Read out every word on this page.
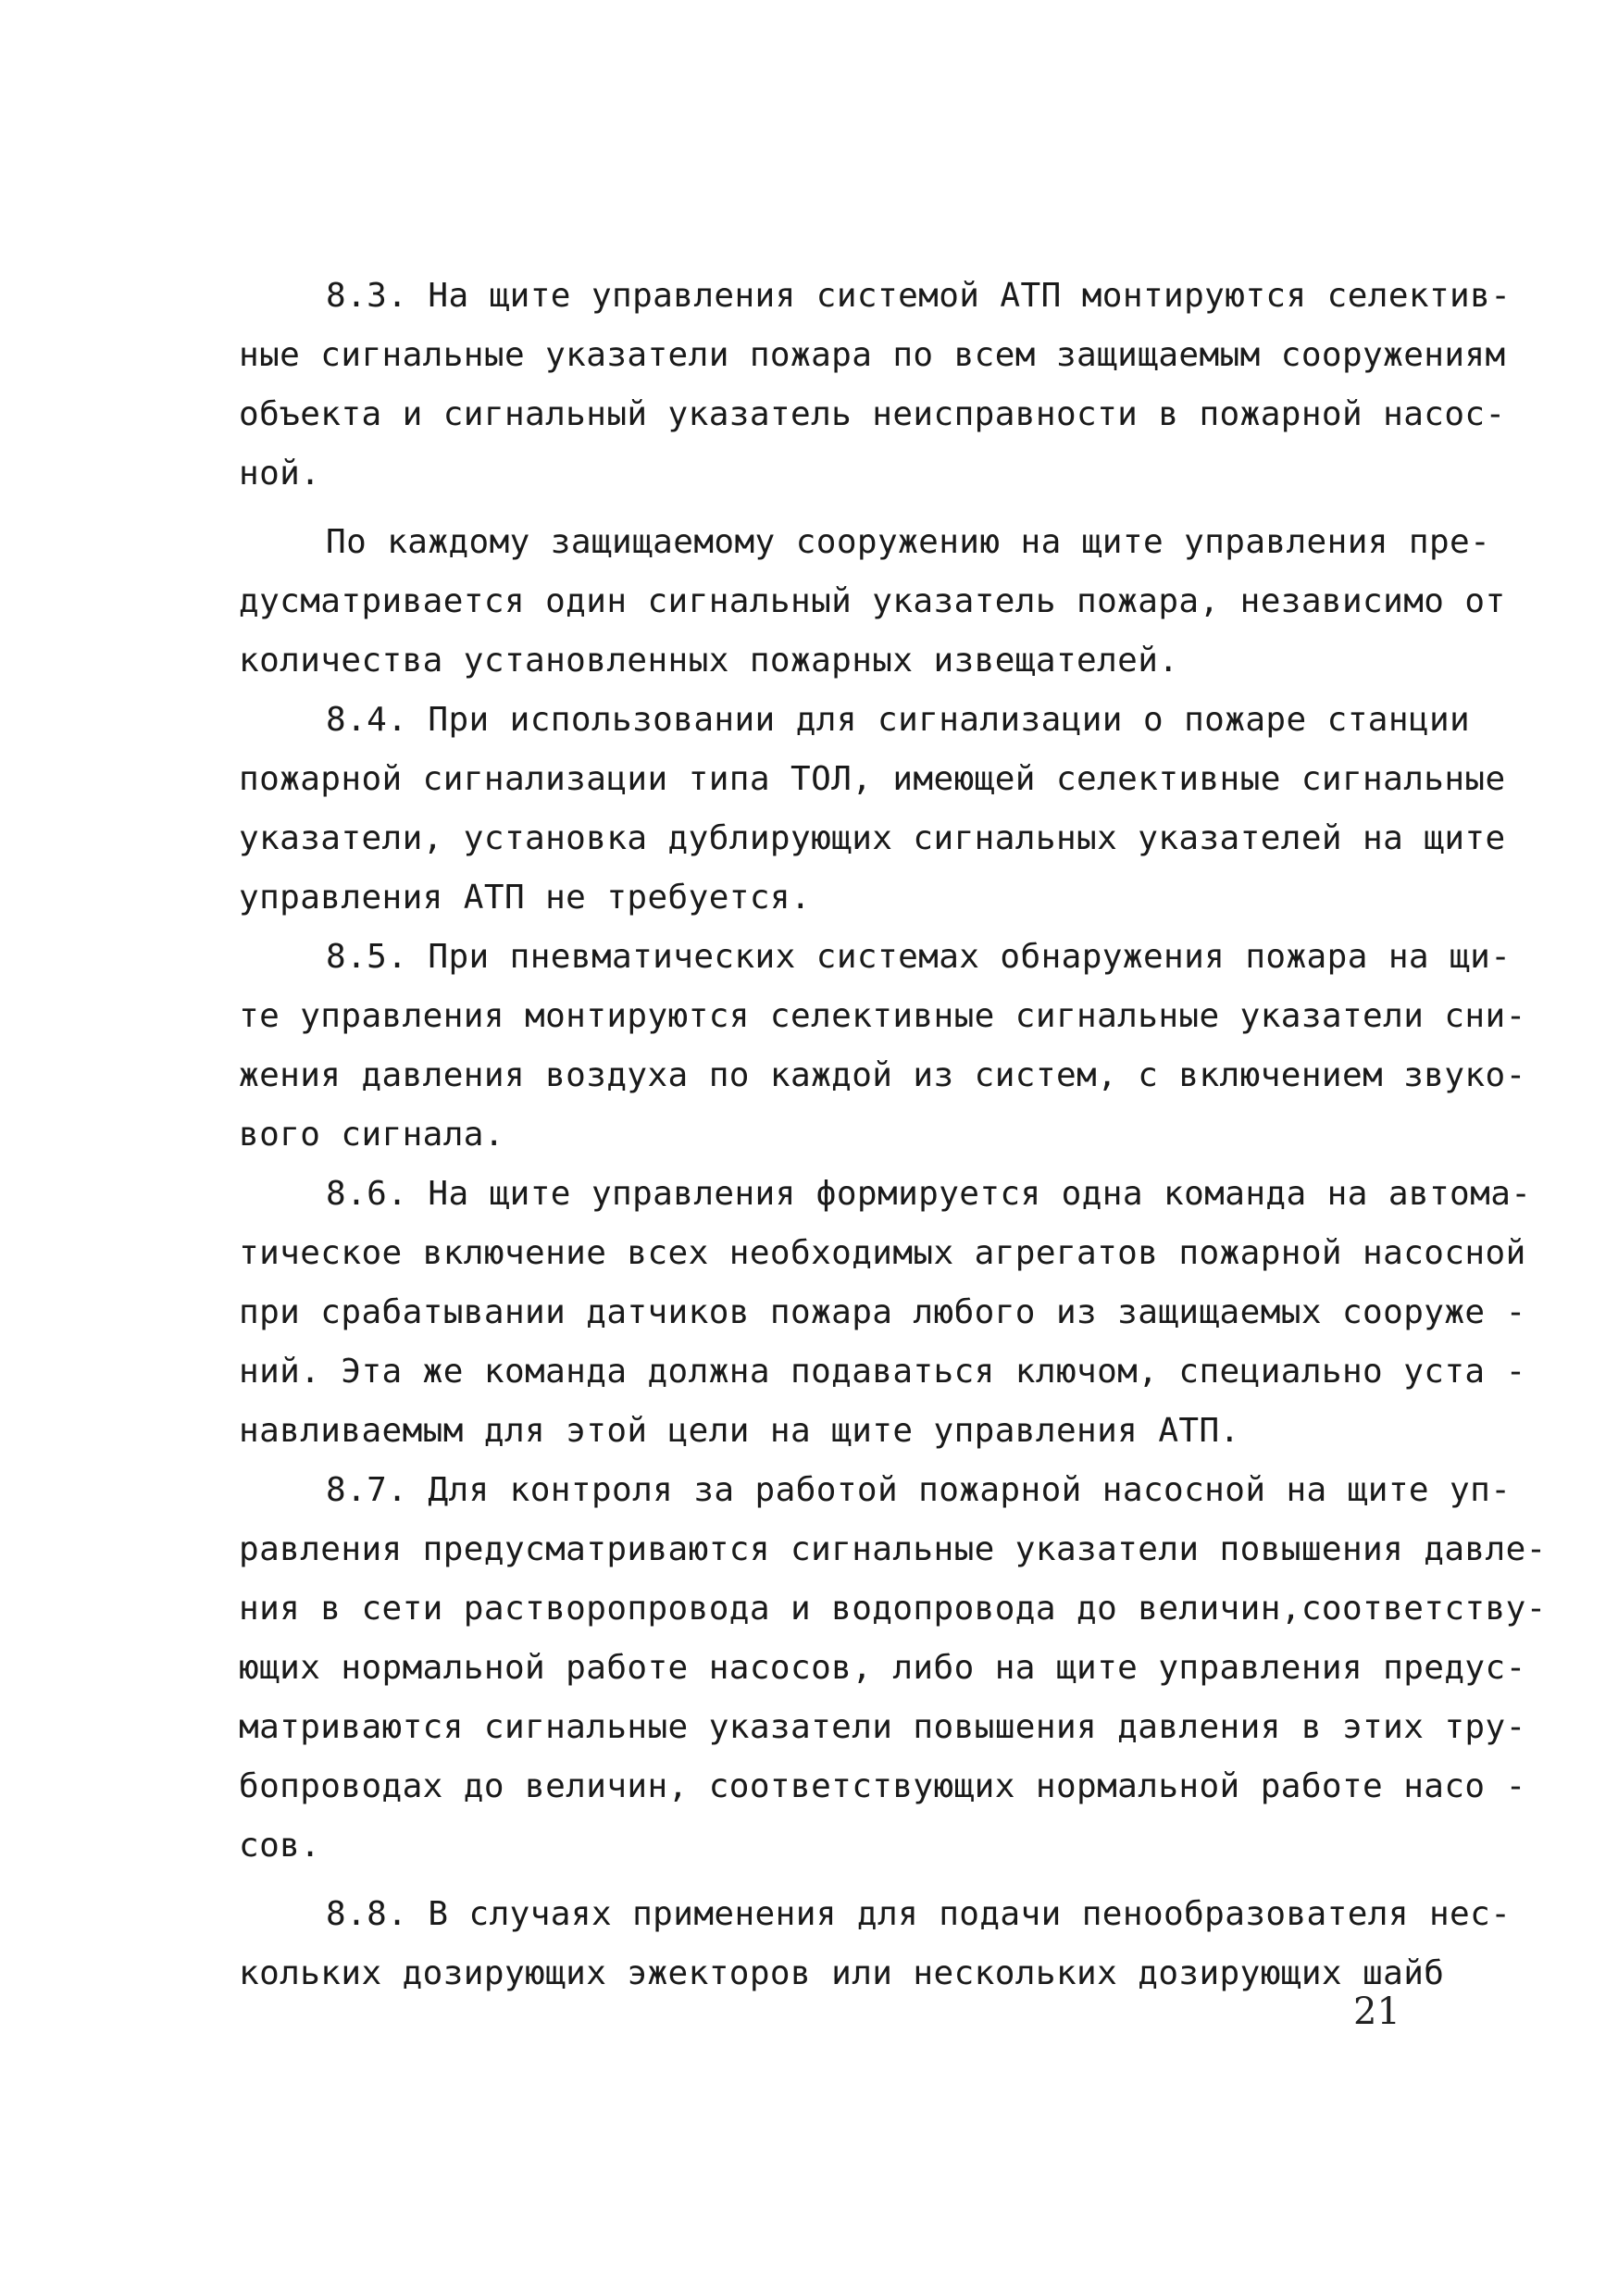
8.3. На щите управления системой АТП монтируются селектив-
ные сигнальные указатели пожара по всем защищаемым сооружениям
объекта и сигнальный указатель неисправности в пожарной насос-
ной.
По каждому защищаемому сооружению на щите управления пре-
дусматривается один сигнальный указатель пожара, независимо от
количества установленных пожарных извещателей.
8.4. При использовании для сигнализации о пожаре станции
пожарной сигнализации типа ТОЛ, имеющей селективные сигнальные
указатели, установка дублирующих сигнальных указателей на щите
управления АТП не требуется.
8.5. При пневматических системах обнаружения пожара на щи-
те управления монтируются селективные сигнальные указатели сни-
жения давления воздуха по каждой из систем, с включением звуко-
вого сигнала.
8.6. На щите управления формируется одна команда на автома-
тическое включение всех необходимых агрегатов пожарной насосной
при срабатывании датчиков пожара любого из защищаемых сооруже -
ний. Эта же команда должна подаваться ключом, специально уста -
навливаемым для этой цели на щите управления АТП.
8.7. Для контроля за работой пожарной насосной на щите уп-
равления предусматриваются сигнальные указатели повышения давле-
ния в сети растворопровода и водопровода до величин,соответству-
ющих нормальной работе насосов, либо на щите управления предус-
матриваются сигнальные указатели повышения давления в этих тру-
бопроводах до величин, соответствующих нормальной работе насо -
сов.
8.8. В случаях применения для подачи пенообразователя нес-
кольких дозирующих эжекторов или нескольких дозирующих шайб
21
